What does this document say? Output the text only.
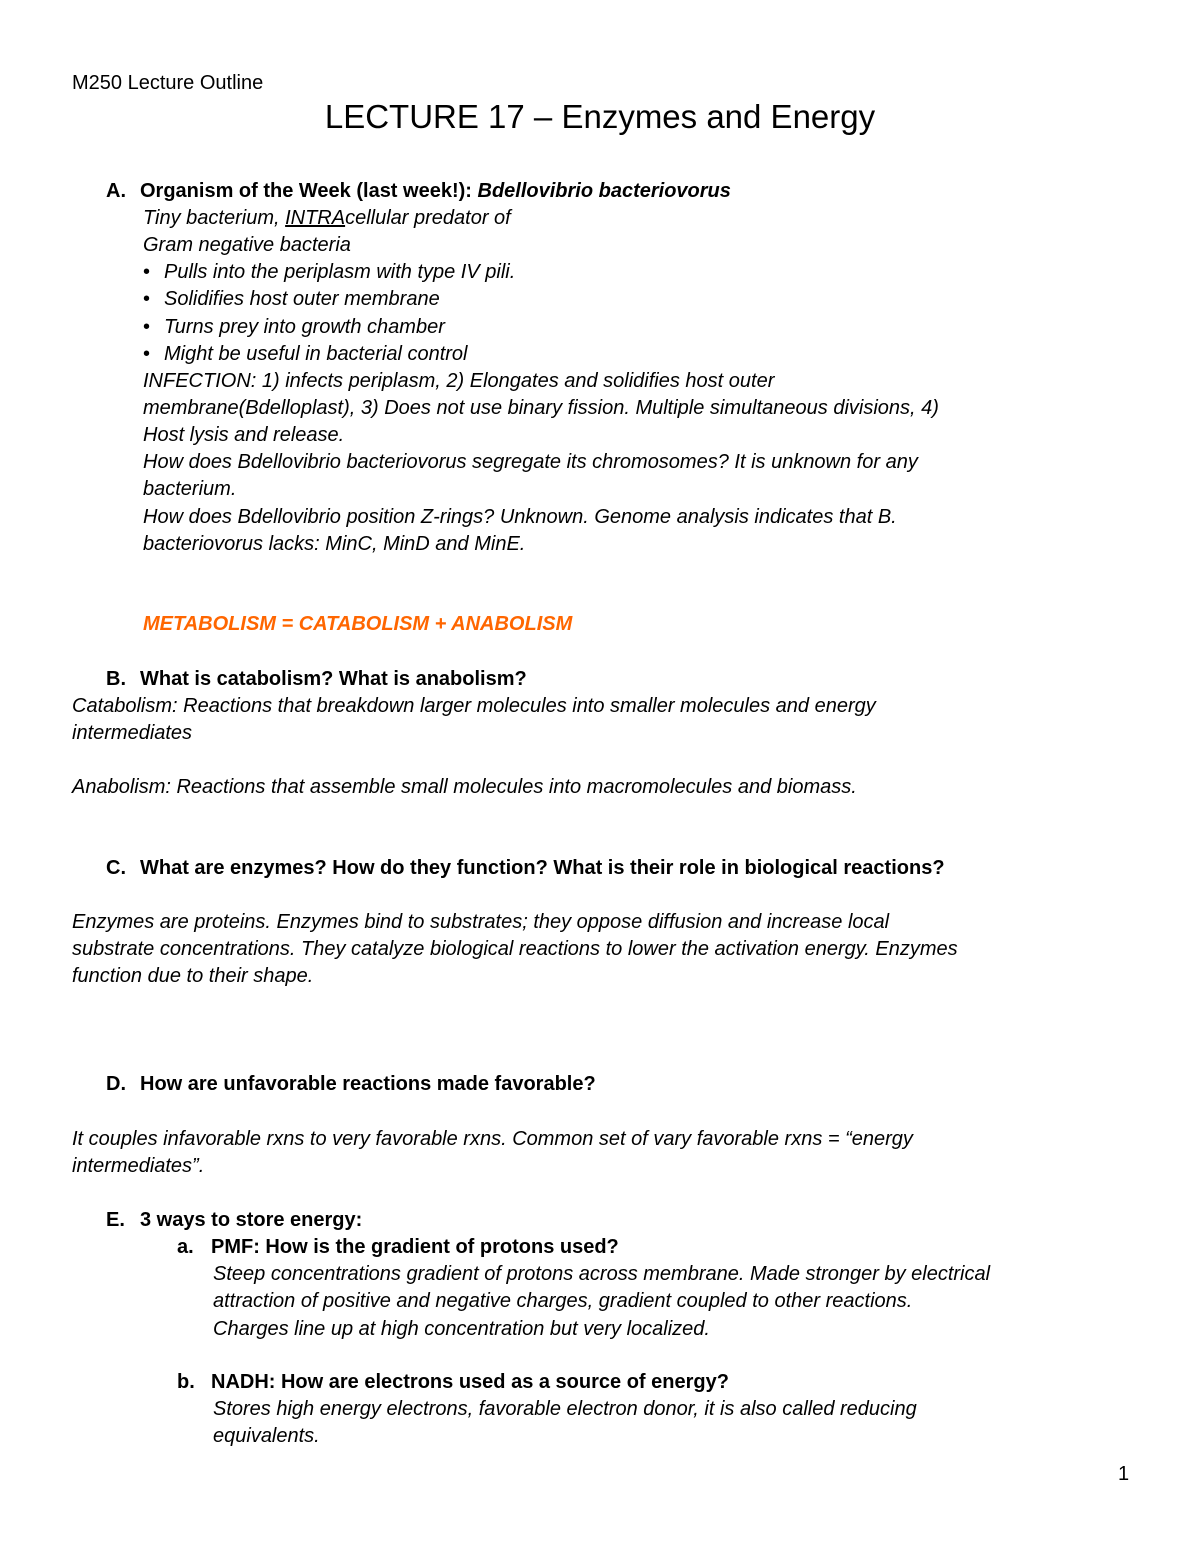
M250 Lecture Outline
LECTURE 17 – Enzymes and Energy
A. Organism of the Week (last week!): Bdellovibrio bacteriovorus
Tiny bacterium, INTRAcellular predator of
Gram negative bacteria
• Pulls into the periplasm with type IV pili.
• Solidifies host outer membrane
• Turns prey into growth chamber
• Might be useful in bacterial control
INFECTION: 1) infects periplasm, 2) Elongates and solidifies host outer
membrane(Bdelloplast), 3) Does not use binary fission. Multiple simultaneous divisions, 4)
Host lysis and release.
How does Bdellovibrio bacteriovorus segregate its chromosomes? It is unknown for any
bacterium.
How does Bdellovibrio position Z-rings? Unknown. Genome analysis indicates that B.
bacteriovorus lacks: MinC, MinD and MinE.
METABOLISM = CATABOLISM + ANABOLISM
B. What is catabolism? What is anabolism?
Catabolism: Reactions that breakdown larger molecules into smaller molecules and energy
intermediates
Anabolism: Reactions that assemble small molecules into macromolecules and biomass.
C. What are enzymes? How do they function? What is their role in biological reactions?
Enzymes are proteins. Enzymes bind to substrates; they oppose diffusion and increase local
substrate concentrations. They catalyze biological reactions to lower the activation energy. Enzymes
function due to their shape.
D. How are unfavorable reactions made favorable?
It couples infavorable rxns to very favorable rxns. Common set of vary favorable rxns = “energy
intermediates”.
E. 3 ways to store energy:
a. PMF: How is the gradient of protons used?
Steep concentrations gradient of protons across membrane. Made stronger by electrical
attraction of positive and negative charges, gradient coupled to other reactions.
Charges line up at high concentration but very localized.
b. NADH: How are electrons used as a source of energy?
Stores high energy electrons, favorable electron donor, it is also called reducing
equivalents.
1
